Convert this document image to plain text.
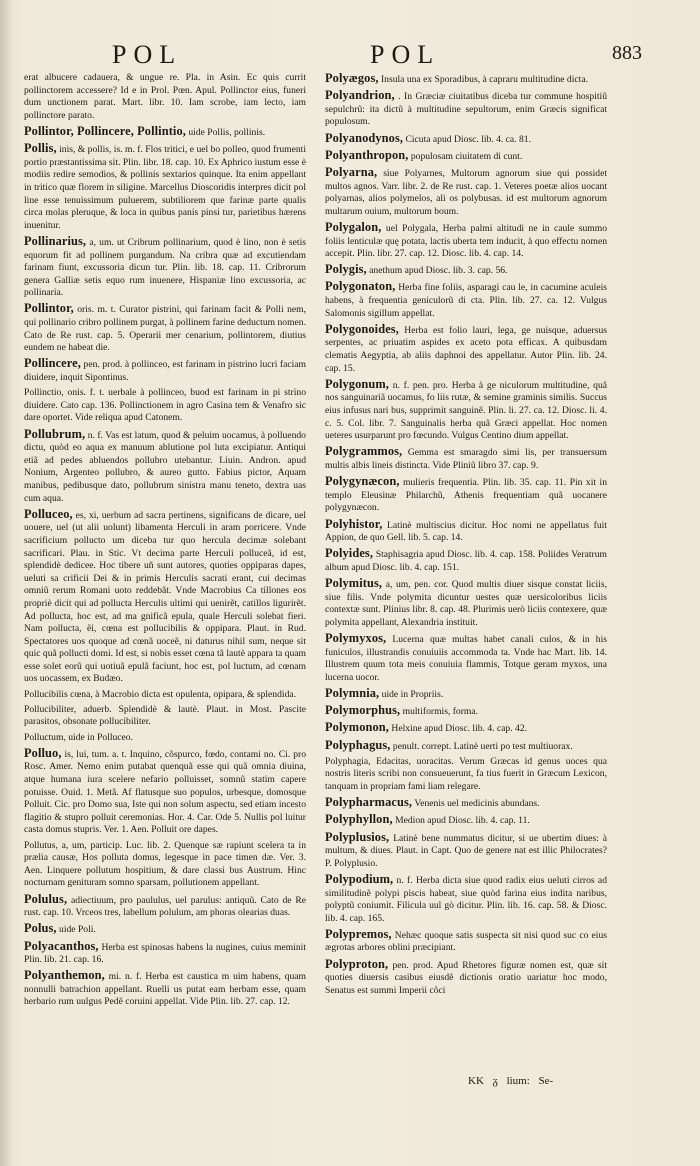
POL	POL	883
erat albucere cadauera, & ungue re. Pla. in Asin. Ec quis currit pollinctorem accessere? Id e in Prol. Pœn. Apul. Pollinctor eius, funeri dum unctionem parat. Mart. libr. 10. Iam scrobe, iam lecto, iam pollinctore parato.
Pollintor, Pollincere, Pollintio, uide Pollis, pollinis.
Pollis, inis, & pollis, is. m. f. Flos tritici, e uel bo polleo, quod frumenti portio præstantissima sit. Plin. libr. 18. cap. 10. Ex Aphrico iustum esse è modiis redire semodios, & pollinis sextarios quinque. Ita enim appellant in tritico quæ florem in siligine. Marcellus Dioscoridis interpres dicit pol line esse tenuissimum puluerem, subtiliorem que farinæ parte qualis circa molas pleruque, & loca in quibus panis pinsi tur, parietibus hærens inuenitur.
Pollinarius, a, um. ut Cribrum pollinarium, quod è lino, non è setis equorum fit ad pollinem purgandum. Na cribra quæ ad excutiendam farinam fiunt, excussoria dicun tur. Plin. lib. 18. cap. 11. Cribrorum genera Galliæ setis equo rum inuenere, Hispaniæ lino excussoria, ac pollinaria.
Pollintor, oris. m. t. Curator pistrini, qui farinam facit & Polli nem, qui pollinario cribro pollinem purgat, à pollinem farine deductum nomen. Cato de Re rust. cap. 5. Operarii mer cenarium, pollintorem, diutius eundem ne habeat die.
Pollincere, pen. prod. à pollinceo, est farinam in pistrino lucri faciam diuidere, inquit Sipontinus.
Pollinctio, onis. f. t. uerbale à pollinceo, buod est farinam in pi strino diuidere. Cato cap. 136. Pollinctionem in agro Casina tem & Venafro sic dare oportet. Vide reliqua apud Catonem.
Pollubrum, n. f. Vas est latum, quod & peluim uocamus, à polluendo dictu, quòd eo aqua ex manuum ablutione pol luta excipiatur. Antiqui etiã ad pedes abluendos pollubro utebantur. Liuin. Andron. apud Nonium, Argenteo pollubro, & aureo gutto. Fabius pictor, Aquam manibus, pedibusque dato, pollubrum sinistra manu teneto, dextra uas cum aqua.
Polluceo, es, xi, uerbum ad sacra pertinens, significans de dicare, uel uouere, uel (ut alii uolunt) libamenta Herculi in aram porricere. Vnde sacrificium pollucto um diceba tur quo hercula decimæ solebant sacrificari. Plau. in Stic. Vt decima parte Herculi polluceã, id est, splendidè dedicee. Hoc tibere uñ sunt autores, quoties oppiparas dapes, ueluti sa crificii Dei & in primis Herculis sacrati erant, cui decimas omniũ rerum Romani uoto reddebãt. Vnde Macrobius Ca tillones eos propriè dicit qui ad pollucta Herculis ultimi qui uenirẽt, catillos ligurirẽt. Ad pollucta, hoc est, ad ma gnificã epula, quale Herculi solebat fieri. Nam pollucta, ẽi, cœna est pollucibilis & oppipara. Plaut. in Rud. Spectatores uos quoque ad cœnã uoceẽ, ni daturus nihil sum, neque sit quic quã pollucti domi. Id est, si nobis esset cœna tã lautè appara ta quam esse solet eorũ qui uotiuã epulã faciunt, hoc est, pol luctum, ad cœnam uos uocassem, ex Budæo.
Pollucibilis cœna, à Macrobio dicta est opulenta, opipara, & splendida.
Pollucibiliter, aduerb. Splendidè & lautè. Plaut. in Most. Pascite parasitos, obsonate pollucibiliter.
Polluctum, uide in Polluceo.
Polluo, is, lui, tum. a. t. Inquino, cõspurco, fœdo, contami no. Ci. pro Rosc. Amer. Nemo enim putabat quenquã esse qui quã omnia diuina, atque humana iura scelere nefario polluisset, somnũ statim capere potuisse. Ouid. 1. Metã. Af flatusque suo populos, urbesque, domosque Polluit. Cic. pro Domo sua, Iste qui non solum aspectu, sed etiam incesto flagitio & stupro polluit ceremonias. Hor. 4. Car. Ode 5. Nullis pol luitur casta domus stupris. Ver. 1. Aen. Polluit ore dapes.
Pollutus, a, um, particip. Luc. lib. 2. Quenque sæ rapiunt scelera ta in prælia causæ, Hos polluta domus, legesque in pace timen dæ. Ver. 3. Aen. Linquere pollutum hospitium, & dare classi bus Austrum. Hinc nocturnam genituram somno sparsam, pollutionem appellant.
Polulus, adiectiuum, pro paululus, uel parulus: antiquũ. Cato de Re rust. cap. 10. Vrceos tres, labellum polulum, am phoras olearias duas.
Polus, uide Poli.
Polyacanthos, Herba est spinosas habens la nugines, cuius meminit Plin. lib. 21. cap. 16.
Polyanthemon, mi. n. f. Herba est caustica m uim habens, quam nonnulli batrachion appellant. Ruelli us putat eam herbam esse, quam herbario rum uulgus Pedẽ coruini appellat. Vide Plin. lib. 27. cap. 12.
Polyægos, Insula una ex Sporadibus, à capraru multitudine dicta.
Polyandrion, . In Græciæ ciuitatibus diceba tur commune hospitiũ sepulchrũ: ita dictũ à multitudine sepultorum, enim Græcis significat populosum.
Polyanodynos, Cicuta apud Diosc. lib. 4. ca. 81.
Polyanthropon, populosam ciuitatem di cunt.
Polyarna, siue Polyarnes, Multorum agnorum siue qui possidet multos agnos. Varr. libr. 2. de Re rust. cap. 1. Veteres poetæ alios uocant polyarnas, alios polymelos, ali os polybusas. id est multorum agnorum multarum ouium, multorum boum.
Polygalon, uel Polygala, Herba palmi altitudi ne in caule summo foliis lenticulæ quę potata, lactis uberta tem inducit, à quo effectu nomen accepit. Plin. libr. 27. cap. 12. Diosc. lib. 4. cap. 14.
Polygis, anethum apud Diosc. lib. 3. cap. 56.
Polygonaton, Herba fine foliis, asparagi cau le, in cacumine aculeis habens, à frequentia geniculorũ di cta. Plin. lib. 27. ca. 12. Vulgus Salomonis sigillum appellat.
Polygonoides, Herba est folio lauri, lega, ge nuisque, aduersus serpentes, ac priuatim aspides ex aceto pota efficax. A quibusdam clematis Aegyptia, ab aliis daphnoi des appellatur. Autor Plin. lib. 24. cap. 15.
Polygonum, n. f. pen. pro. Herba à ge niculorum multitudine, quã nos sanguinariã uocamus, fo liis rutæ, & semine graminis similis. Succus eius infusus nari bus, supprimit sanguinẽ. Plin. li. 27. ca. 12. Diosc. li. 4. c. 5. Col. libr. 7. Sanguinalis herba quã Græci appellat. Hoc nomen ueteres usurparunt pro fœcundo. Vulgus Centino dium appellat.
Polygrammos, Gemma est smaragdo simi lis, per transuersum multis albis lineis distincta. Vide Pliniũ libro 37. cap. 9.
Polygynæcon, mulieris frequentia. Plin. lib. 35. cap. 11. Pin xit in templo Eleusinæ Philarchũ, Athenis frequentiam quã uocanere polygynæcon.
Polyhistor, Latinè multiscius dicitur. Hoc nomi ne appellatus fuit Appion, de quo Gell. lib. 5. cap. 14.
Polyides, Staphisagria apud Diosc. lib. 4. cap. 158. Poliides Veratrum album apud Diosc. lib. 4. cap. 151.
Polymitus, a, um, pen. cor. Quod multis diuer sisque constat liciis, siue filis. Vnde polymita dicuntur uestes quæ uersicoloribus liciis contextæ sunt. Plinius libr. 8. cap. 48. Plurimis uerò liciis contexere, quæ polymita appellant, Alexandria instituit.
Polymyxos, Lucerna quæ multas habet canali culos, & in his funiculos, illustrandis conuiuiis accommoda ta. Vnde hac Mart. lib. 14. Illustrem quum tota meis conuiuia flammis, Totque geram myxos, una lucerna uocor.
Polymnia, uide in Propriis.
Polymorphus, multiformis, forma.
Polymonon, Helxine apud Diosc. lib. 4. cap. 42.
Polyphagus, penult. corrept. Latinè uerti po test multiuorax.
Polyphagia, Edacitas, uoracitas. Verum Græcas id genus uoces qua nostris literis scribi non consueuerunt, fa tius fuerit in Græcum Lexicon, tanquam in propriam fami liam relegare.
Polypharmacus, Venenis uel medicinis abundans.
Polyphyllon, Medion apud Diosc. lib. 4. cap. 11.
Polyplusios, Latinè bene nummatus dicitur, si ue ubertim diues: à multum, & diues. Plaut. in Capt. Quo de genere nat est illic Philocrates? P. Polyplusio.
Polypodium, n. f. Herba dicta siue quod radix eius ueluti cirros ad similitudinẽ polypi piscis habeat, siue quòd farina eius indita naribus, polyptũ coniumit. Filicula uul gò dicitur. Plin. lib. 16. cap. 58. & Diosc. lib. 4. cap. 165.
Polypremos, Nehæc quoque satis suspecta sit nisi quod suc co eius ægrotas arbores oblini præcipiant.
Polyproton, pen. prod. Apud Rhetores figuræ nomen est, quæ sit quoties diuersis casibus eiusdẽ dictionis oratio uariatur hoc modo, Senatus est summi Imperii côci
KK ᵹ lium: Se-
